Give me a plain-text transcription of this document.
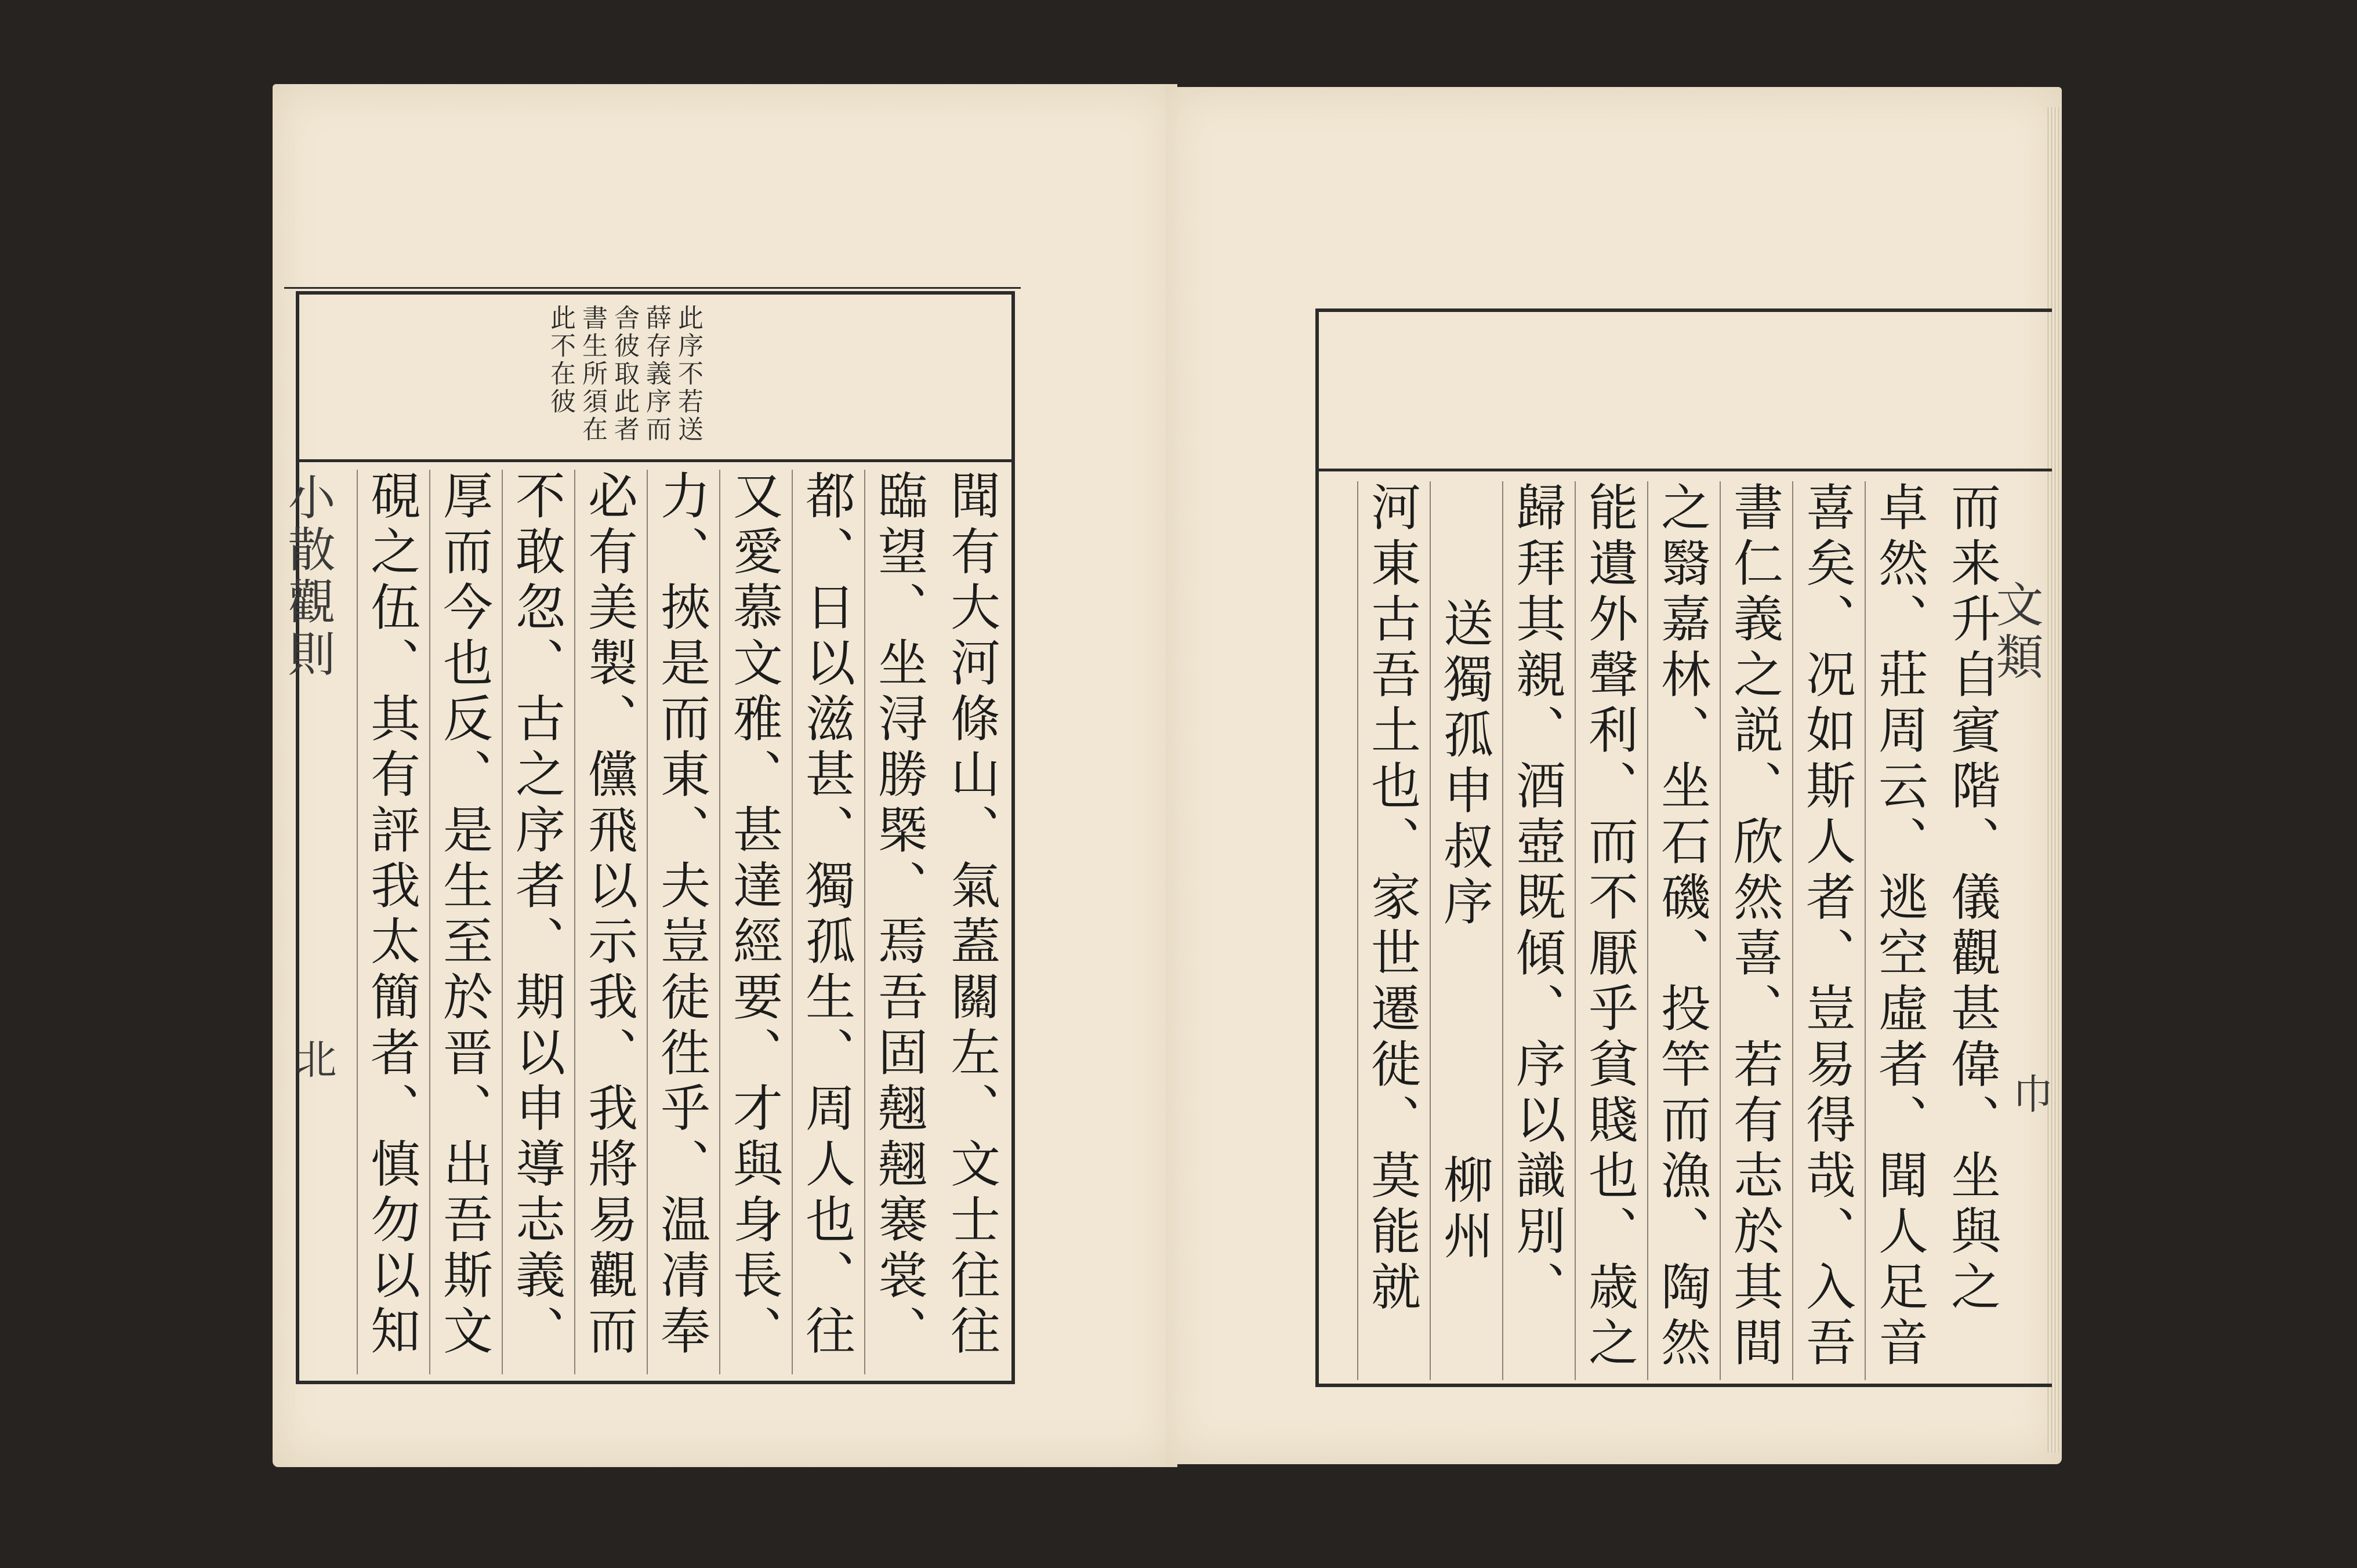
此序不若送
薛存義序而
舎彼取此者
書生所須在
此不在彼
聞有大河條山、氣蓋關左、文士往往
臨望、坐浔勝槩、焉吾固翹翹褰裳、
都、日以滋甚、獨孤生、周人也、往
又愛慕文雅、甚達經要、才與身長、
力、挾是而東、夫豈徒徃乎、温凊奉
必有美製、儻飛以示我、我將易觀而
不敢忽、古之序者、期以申導志義、
厚而今也反、是生至於晋、出吾斯文
硯之伍、其有評我太簡者、慎勿以知
小散觀則
北
而来升自賓階、儀觀甚偉、坐與之
卓然、莊周云、逃空虛者、聞人足音
喜矣、况如斯人者、豈易得哉、入吾
書仁義之説、欣然喜、若有志於其間
之翳嘉林、坐石磯、投竿而漁、陶然
能遺外聲利、而不厭乎貧賤也、歳之
歸拜其親、酒壺既傾、序以識別、
送獨孤申叔序　　　　柳州
河東古吾土也、家世遷徙、莫能就
文類
巾
